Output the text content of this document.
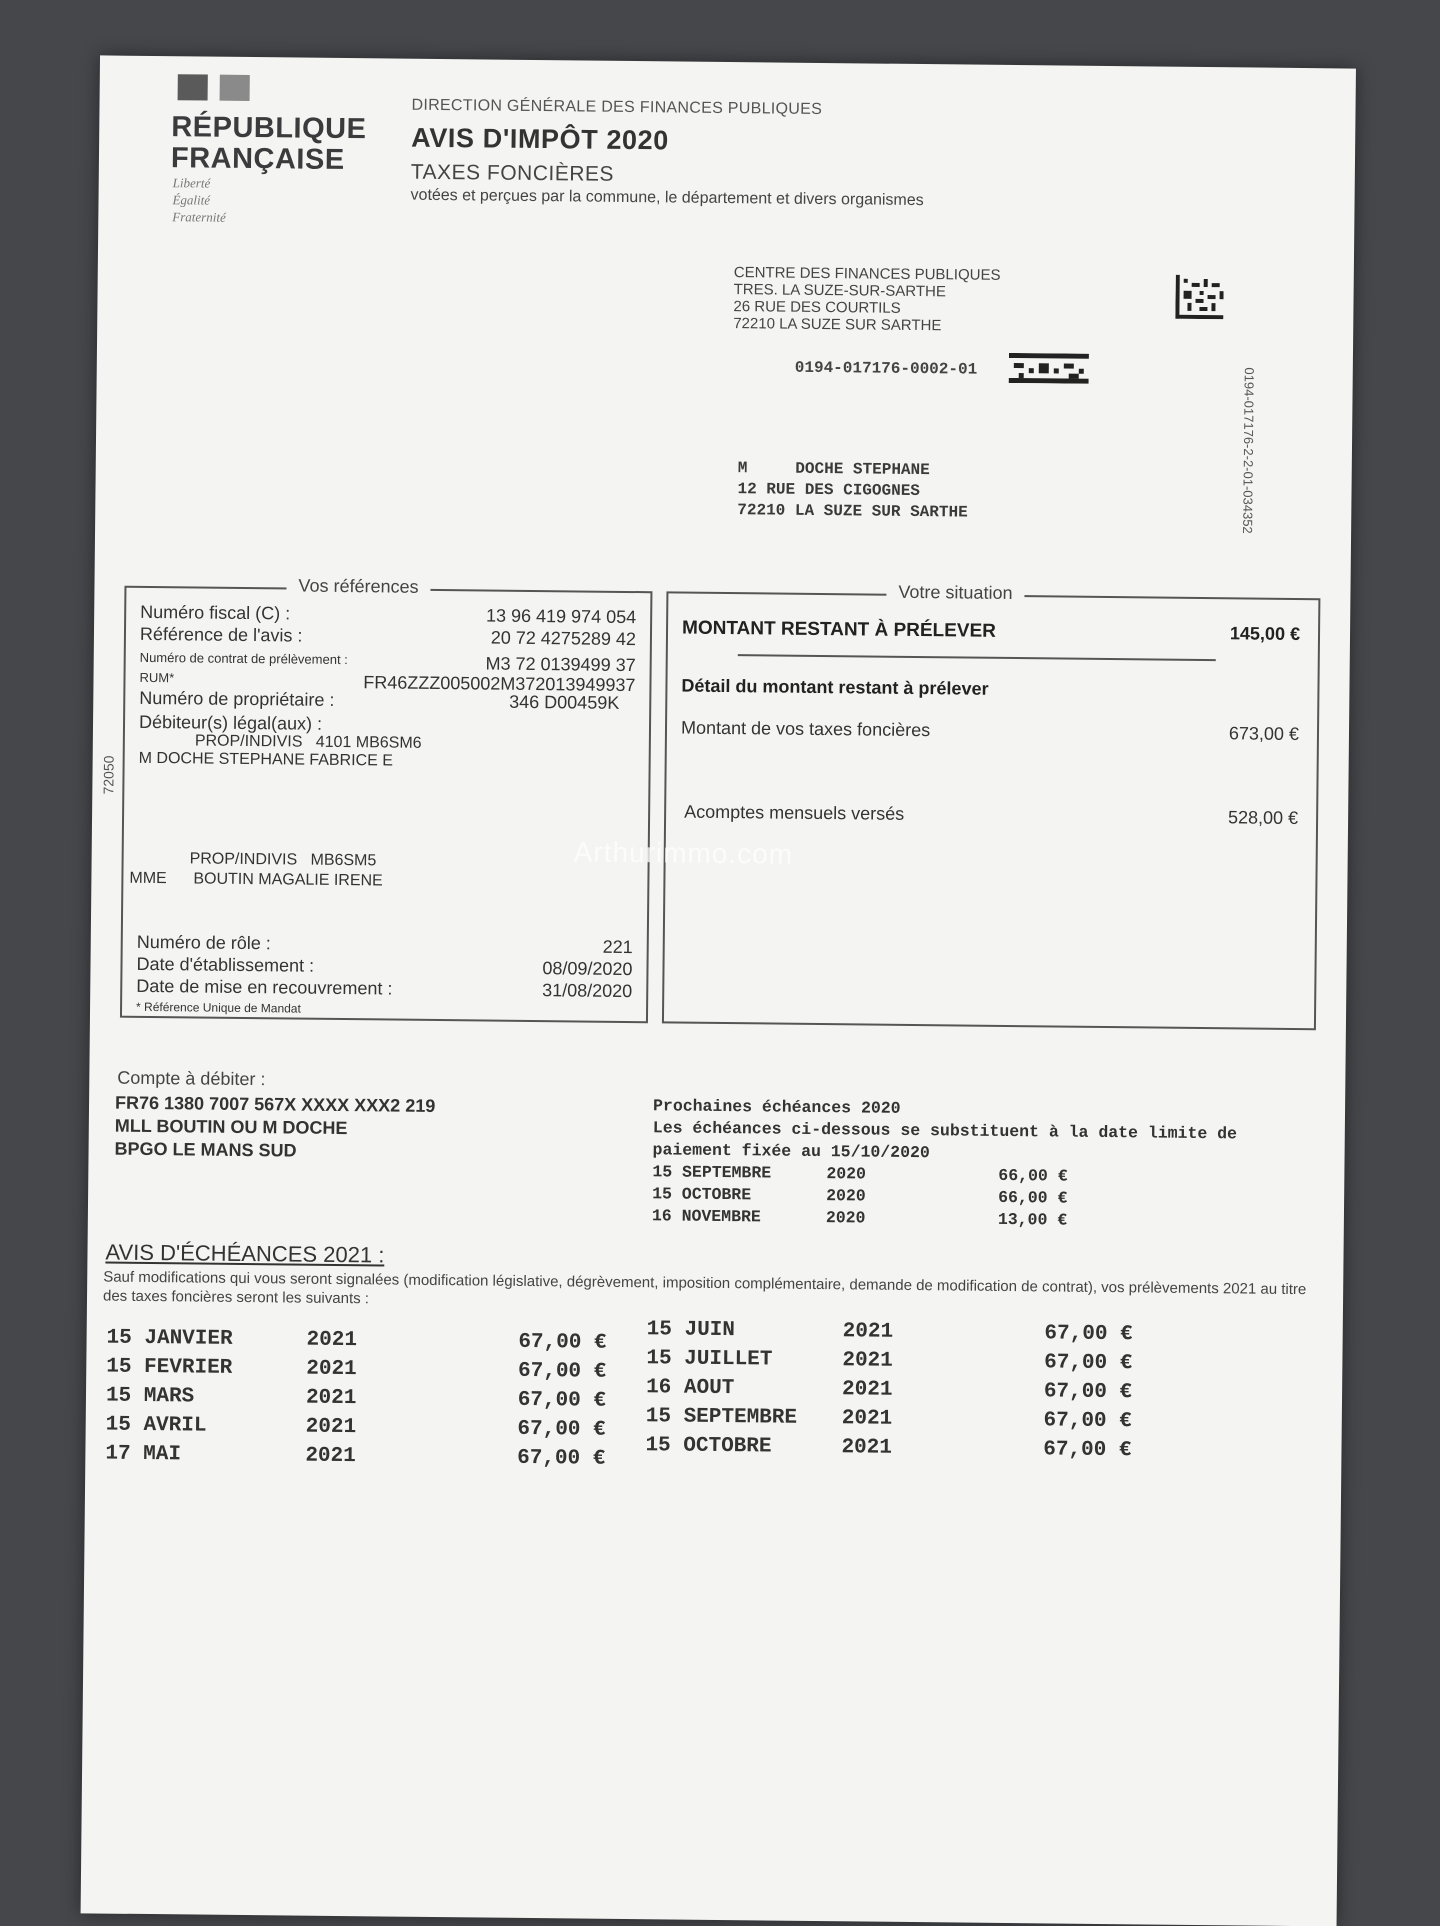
RÉPUBLIQUE
FRANÇAISE
Liberté
Égalité
Fraternité
DIRECTION GÉNÉRALE DES FINANCES PUBLIQUES
AVIS D'IMPÔT 2020
TAXES FONCIÈRES
votées et perçues par la commune, le département et divers organismes
CENTRE DES FINANCES PUBLIQUES
TRES. LA SUZE-SUR-SARTHE
26 RUE DES COURTILS
72210 LA SUZE SUR SARTHE
0194-017176-0002-01

M     DOCHE STEPHANE
12 RUE DES CIGOGNES
72210 LA SUZE SUR SARTHE

	0194-017176-2-2-01-034352
72050
Vos références
Numéro fiscal (C) :	13 96 419 974 054
Référence de l'avis :	20 72 4275289 42
Numéro de contrat de prélèvement :	M3 72 0139499 37
RUM*	FR46ZZZ005002M372013949937
Numéro de propriétaire :	346 D00459K
Débiteur(s) légal(aux) :
PROP/INDIVIS   4101 MB6SM6
M DOCHE STEPHANE FABRICE E
PROP/INDIVIS   MB6SM5
MME      BOUTIN MAGALIE IRENE
Numéro de rôle :	221
Date d'établissement :	08/09/2020
Date de mise en recouvrement :	31/08/2020
* Référence Unique de Mandat
Votre situation
MONTANT RESTANT À PRÉLEVER	145,00 €
Détail du montant restant à prélever
Montant de vos taxes foncières	673,00 €
Acomptes mensuels versés	528,00 €
Arthurimmo.com
Compte à débiter :
FR76 1380 7007 567X XXXX XXX2 219
MLL BOUTIN OU M DOCHE
BPGO LE MANS SUD
Prochaines échéances 2020
Les échéances ci-dessous se substituent à la date limite de
paiement fixée au 15/10/2020
15 SEPTEMBRE	2020	66,00 €
15 OCTOBRE	2020	66,00 €
16 NOVEMBRE	2020	13,00 €
AVIS D'ÉCHÉANCES 2021 :
Sauf modifications qui vous seront signalées (modification législative, dégrèvement, imposition complémentaire, demande de modification de contrat), vos prélèvements 2021 au titre des taxes foncières seront les suivants :
15 JANVIER	2021	67,00 €
15 FEVRIER	2021	67,00 €
15 MARS	2021	67,00 €
15 AVRIL	2021	67,00 €
17 MAI	2021	67,00 €
15 JUIN	2021	67,00 €
15 JUILLET	2021	67,00 €
16 AOUT	2021	67,00 €
15 SEPTEMBRE	2021	67,00 €
15 OCTOBRE	2021	67,00 €
